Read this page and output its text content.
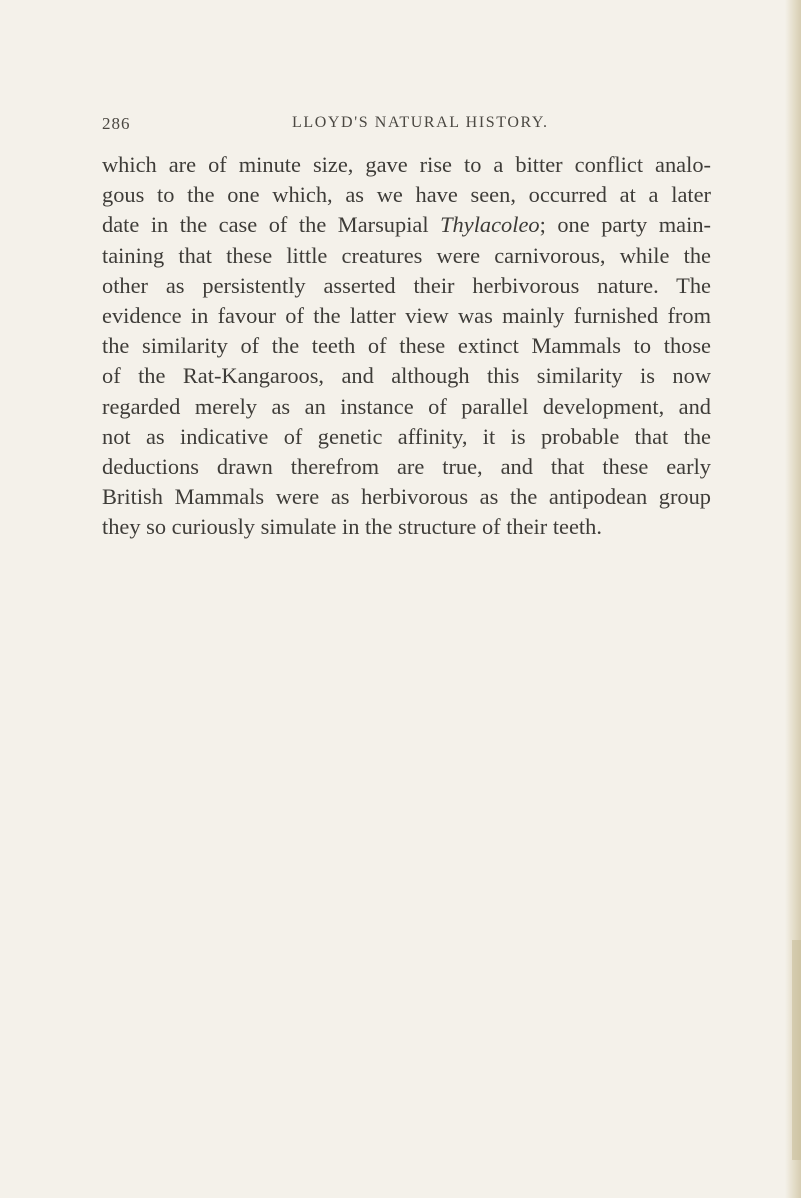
286	LLOYD'S NATURAL HISTORY.
which are of minute size, gave rise to a bitter conflict analo-
gous to the one which, as we have seen, occurred at a later
date in the case of the Marsupial Thylacoleo; one party main-
taining that these little creatures were carnivorous, while the
other as persistently asserted their herbivorous nature. The
evidence in favour of the latter view was mainly furnished from
the similarity of the teeth of these extinct Mammals to those
of the Rat-Kangaroos, and although this similarity is now
regarded merely as an instance of parallel development, and
not as indicative of genetic affinity, it is probable that the
deductions drawn therefrom are true, and that these early
British Mammals were as herbivorous as the antipodean group
they so curiously simulate in the structure of their teeth.
